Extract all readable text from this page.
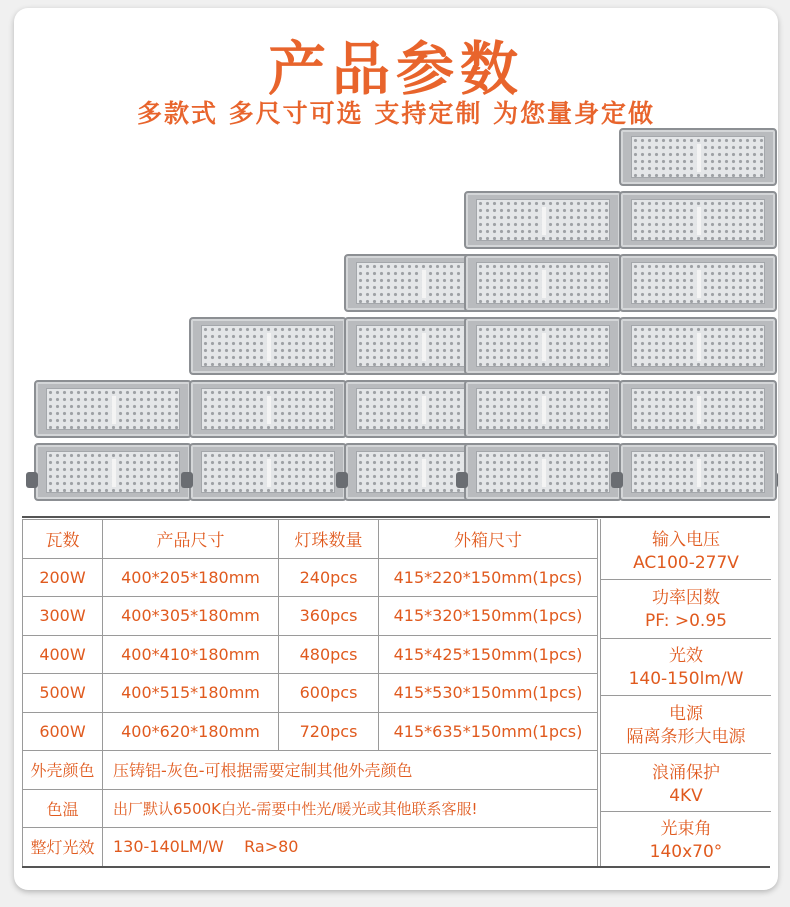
产品参数
多款式 多尺寸可选 支持定制 为您量身定做
瓦数	产品尺寸	灯珠数量	外箱尺寸
200W	400*205*180mm	240pcs	415*220*150mm(1pcs)
300W	400*305*180mm	360pcs	415*320*150mm(1pcs)
400W	400*410*180mm	480pcs	415*425*150mm(1pcs)
500W	400*515*180mm	600pcs	415*530*150mm(1pcs)
600W	400*620*180mm	720pcs	415*635*150mm(1pcs)
外壳颜色	压铸铝-灰色-可根据需要定制其他外壳颜色		
色温	出厂默认6500K白光-需要中性光/暖光或其他联系客服!		
整灯光效	130-140LM/W    Ra>80		
输入电压
AC100-277V
功率因数
PF: >0.95
光效
140-150lm/W
电源
隔离条形大电源
浪涌保护
4KV
光束角
140x70°
